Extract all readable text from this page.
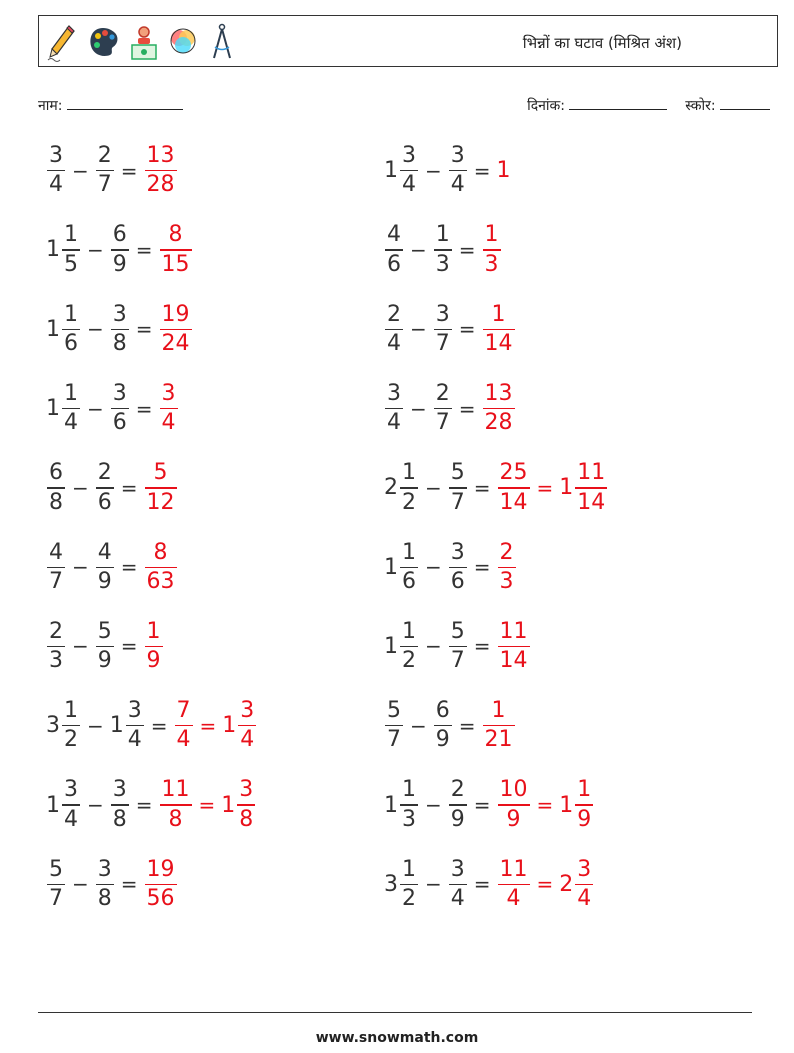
भिन्नों का घटाव (मिश्रित अंश)
नाम:	दिनांक:	स्कोर:
$\frac{3}{4} - \frac{2}{7} = \frac{13}{28}$	$1 \frac{3}{4} - \frac{3}{4} = 1$
$1 \frac{1}{5} - \frac{6}{9} = \frac{8}{15}$	$\frac{4}{6} - \frac{1}{3} = \frac{1}{3}$
$1 \frac{1}{6} - \frac{3}{8} = \frac{19}{24}$	$\frac{2}{4} - \frac{3}{7} = \frac{1}{14}$
$1 \frac{1}{4} - \frac{3}{6} = \frac{3}{4}$	$\frac{3}{4} - \frac{2}{7} = \frac{13}{28}$
$\frac{6}{8} - \frac{2}{6} = \frac{5}{12}$	$2 \frac{1}{2} - \frac{5}{7} = \frac{25}{14} = 1 \frac{11}{14}$
$\frac{4}{7} - \frac{4}{9} = \frac{8}{63}$	$1 \frac{1}{6} - \frac{3}{6} = \frac{2}{3}$
$\frac{2}{3} - \frac{5}{9} = \frac{1}{9}$	$1 \frac{1}{2} - \frac{5}{7} = \frac{11}{14}$
$3 \frac{1}{2} - 1 \frac{3}{4} = \frac{7}{4} = 1 \frac{3}{4}$	$\frac{5}{7} - \frac{6}{9} = \frac{1}{21}$
$1 \frac{3}{4} - \frac{3}{8} = \frac{11}{8} = 1 \frac{3}{8}$	$1 \frac{1}{3} - \frac{2}{9} = \frac{10}{9} = 1 \frac{1}{9}$
$\frac{5}{7} - \frac{3}{8} = \frac{19}{56}$	$3 \frac{1}{2} - \frac{3}{4} = \frac{11}{4} = 2 \frac{3}{4}$
www.snowmath.com
